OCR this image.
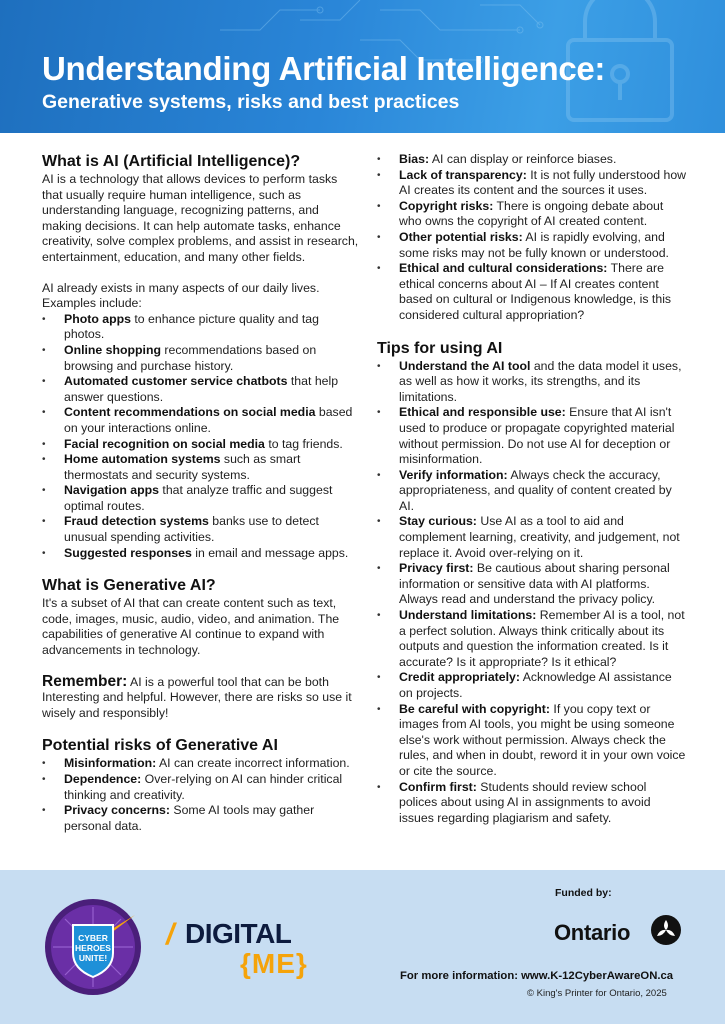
Understanding Artificial Intelligence:
Generative systems, risks and best practices
What is AI (Artificial Intelligence)?

AI is a technology that allows devices to perform tasks that usually require human intelligence, such as understanding language, recognizing patterns, and making decisions. It can help automate tasks, enhance creativity, solve complex problems, and assist in research, entertainment, education, and many other fields.

AI already exists in many aspects of our daily lives. Examples include:

• Photo apps to enhance picture quality and tag photos.
• Online shopping recommendations based on browsing and purchase history.
• Automated customer service chatbots that help answer questions.
• Content recommendations on social media based on your interactions online.
• Facial recognition on social media to tag friends.
• Home automation systems such as smart thermostats and security systems.
• Navigation apps that analyze traffic and suggest optimal routes.
• Fraud detection systems banks use to detect unusual spending activities.
• Suggested responses in email and message apps.
What is Generative AI?

It's a subset of AI that can create content such as text, code, images, music, audio, video, and animation. The capabilities of generative AI continue to expand with advancements in technology.

Remember: AI is a powerful tool that can be both Interesting and helpful. However, there are risks so use it wisely and responsibly!

Potential risks of Generative AI
• Misinformation: AI can create incorrect information.
• Dependence: Over-relying on AI can hinder critical thinking and creativity.
• Privacy concerns: Some AI tools may gather personal data.
• Bias: AI can display or reinforce biases.
• Lack of transparency: It is not fully understood how AI creates its content and the sources it uses.
• Copyright risks: There is ongoing debate about who owns the copyright of AI created content.
• Other potential risks: AI is rapidly evolving, and some risks may not be fully known or understood.
• Ethical and cultural considerations: There are ethical concerns about AI – If AI creates content based on cultural or Indigenous knowledge, is this considered cultural appropriation?
Tips for using AI
• Understand the AI tool and the data model it uses, as well as how it works, its strengths, and its limitations.
• Ethical and responsible use: Ensure that AI isn't used to produce or propagate copyrighted material without permission. Do not use AI for deception or misinformation.
• Verify information: Always check the accuracy, appropriateness, and quality of content created by AI.
• Stay curious: Use AI as a tool to aid and complement learning, creativity, and judgement, not replace it. Avoid over-relying on it.
• Privacy first: Be cautious about sharing personal information or sensitive data with AI platforms. Always read and understand the privacy policy.
• Understand limitations: Remember AI is a tool, not a perfect solution. Always think critically about its outputs and question the information created. Is it accurate? Is it appropriate? Is it ethical?
• Credit appropriately: Acknowledge AI assistance on projects.
• Be careful with copyright: If you copy text or images from AI tools, you might be using someone else's work without permission. Always check the rules, and when in doubt, reword it in your own voice or cite the source.
• Confirm first: Students should review school polices about using AI in assignments to avoid issues regarding plagiarism and safety.
CYBER
HEROES
UNITE!
/ DIGITAL
{ME}
Funded by:
Ontario
For more information: www.K-12CyberAwareON.ca
© King's Printer for Ontario, 2025
